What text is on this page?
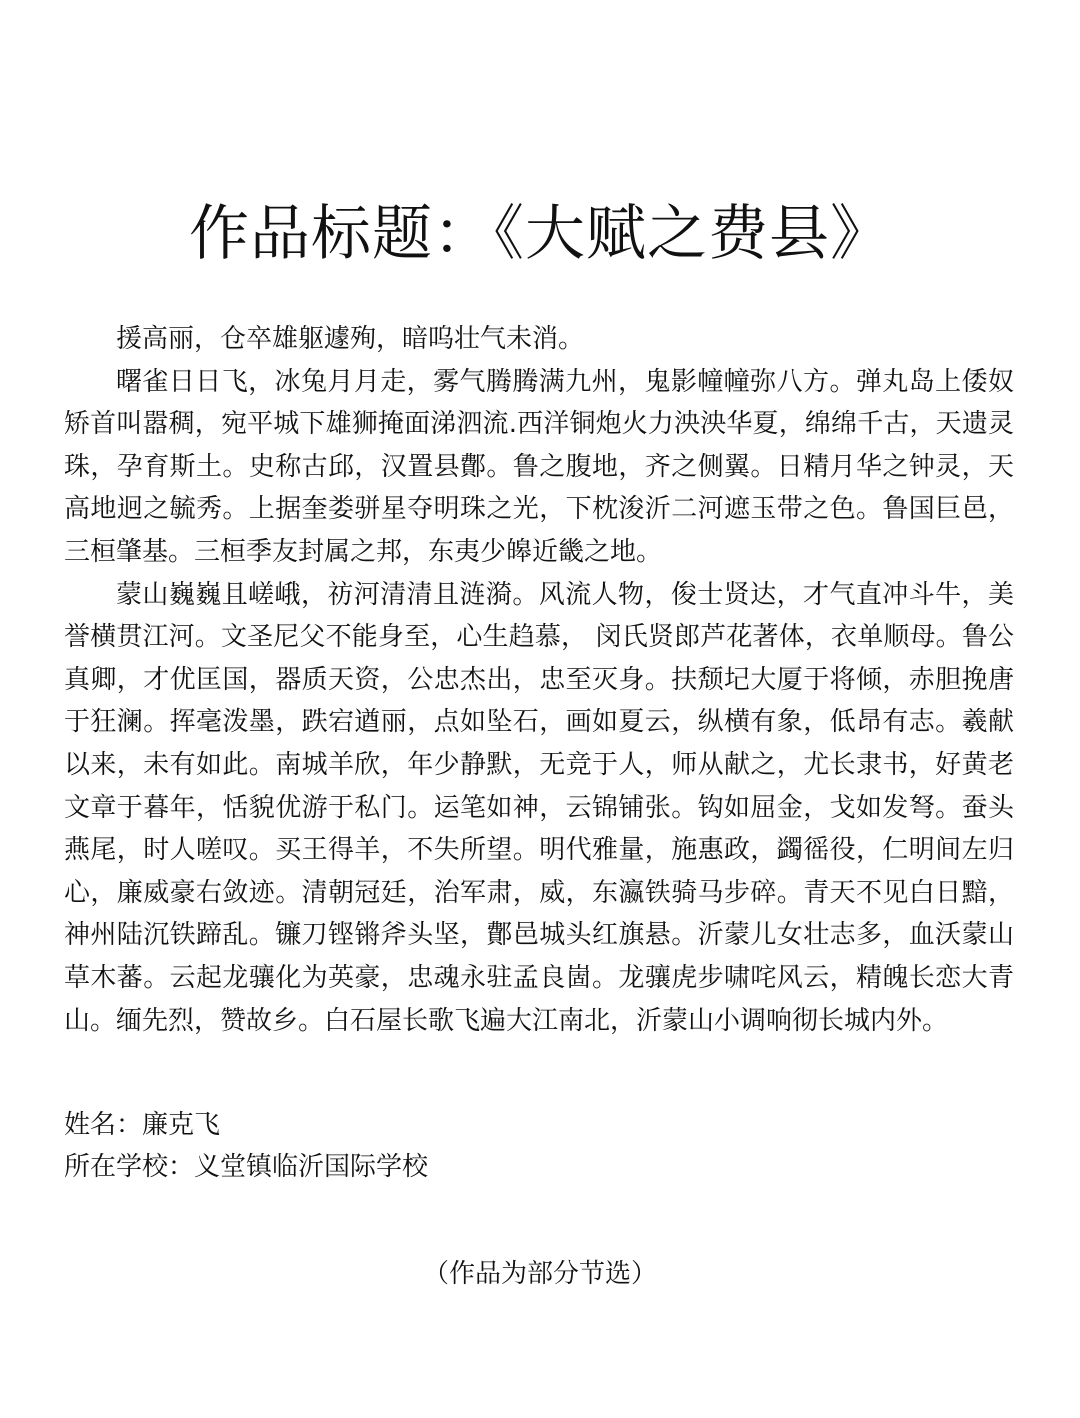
作品标题：《大赋之费县》

援高丽，仓卒雄躯遽殉，暗呜壮气未消。

曙雀日日飞，冰兔月月走，雾气腾腾满九州，鬼影幢幢弥八方。弹丸岛上倭奴矫首叫嚣稠，宛平城下雄狮掩面涕泗流.西洋铜炮火力泱泱华夏，绵绵千古，天遗灵珠，孕育斯土。史称古邱，汉置县鄪。鲁之腹地，齐之侧翼。日精月华之钟灵，天高地迥之毓秀。上据奎娄骈星夺明珠之光，下枕浚沂二河遮玉带之色。鲁国巨邑，三桓肇基。三桓季友封属之邦，东夷少皞近畿之地。

蒙山巍巍且嵯峨，祊河清清且涟漪。风流人物，俊士贤达，才气直冲斗牛，美誉横贯江河。文圣尼父不能身至，心生趋慕， 闵氏贤郎芦花著体，衣单顺母。鲁公真卿，才优匡国，器质天资，公忠杰出，忠至灭身。扶颓圮大厦于将倾，赤胆挽唐于狂澜。挥毫泼墨，跌宕遒丽，点如坠石，画如夏云，纵横有象，低昂有志。羲献以来，未有如此。南城羊欣，年少静默，无竞于人，师从献之，尤长隶书，好黄老文章于暮年，恬貌优游于私门。运笔如神，云锦铺张。钩如屈金，戈如发弩。蚕头燕尾，时人嗟叹。买王得羊，不失所望。明代雅量，施惠政，蠲徭役，仁明间左归心，廉威豪右敛迹。清朝冠廷，治军肃，威，东瀛铁骑马步碎。青天不见白日黯，神州陆沉铁蹄乱。镰刀铿锵斧头坚，鄪邑城头红旗悬。沂蒙儿女壮志多，血沃蒙山草木蕃。云起龙骧化为英豪，忠魂永驻孟良崮。龙骧虎步啸咤风云，精魄长恋大青山。缅先烈，赞故乡。白石屋长歌飞遍大江南北，沂蒙山小调响彻长城内外。

姓名：廉克飞
所在学校：义堂镇临沂国际学校
（作品为部分节选）
